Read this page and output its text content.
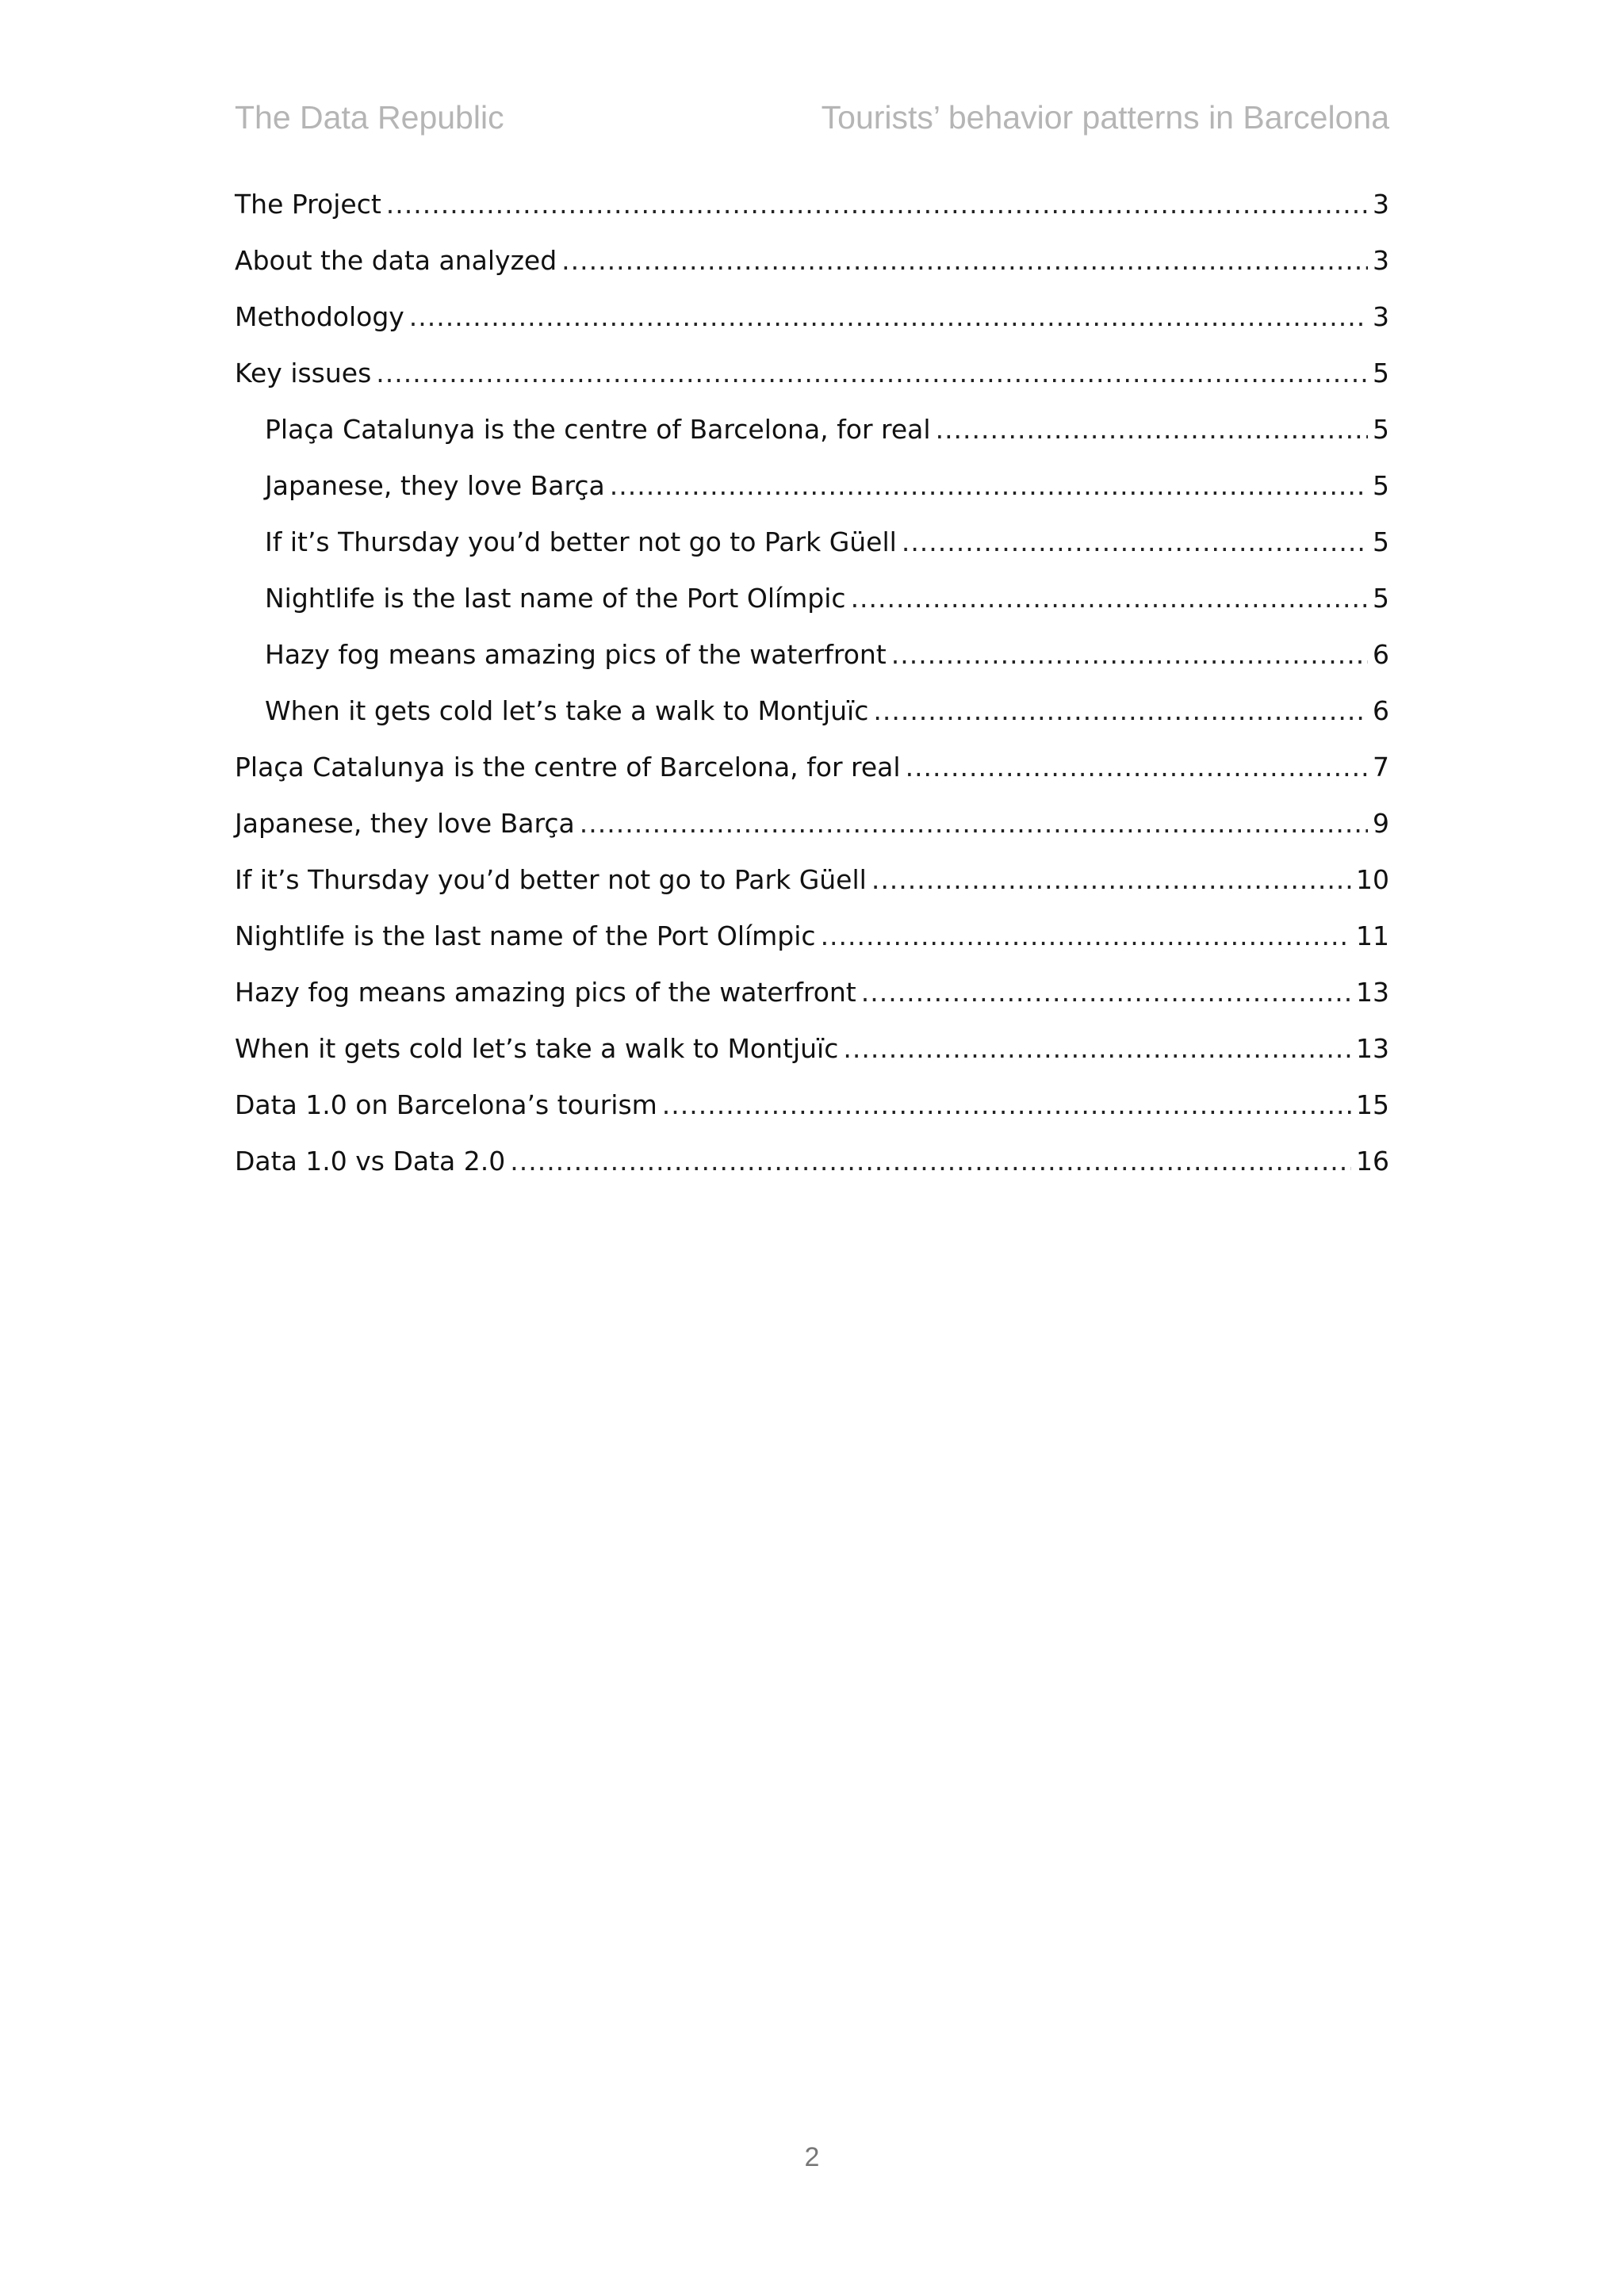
The Data Republic	Tourists’ behavior patterns in Barcelona
The Project .....	3
About the data analyzed .....	3
Methodology .....	3
Key issues .....	5
Plaça Catalunya is the centre of Barcelona, for real .....	5
Japanese, they love Barça .....	5
If it’s Thursday you’d better not go to Park Güell .....	5
Nightlife is the last name of the Port Olímpic .....	5
Hazy fog means amazing pics of the waterfront .....	6
When it gets cold let’s take a walk to Montjuïc .....	6
Plaça Catalunya is the centre of Barcelona, for real .....	7
Japanese, they love Barça .....	9
If it’s Thursday you’d better not go to Park Güell .....	10
Nightlife is the last name of the Port Olímpic .....	11
Hazy fog means amazing pics of the waterfront .....	13
When it gets cold let’s take a walk to Montjuïc .....	13
Data 1.0 on Barcelona’s tourism .....	15
Data 1.0 vs Data 2.0 .....	16
2
